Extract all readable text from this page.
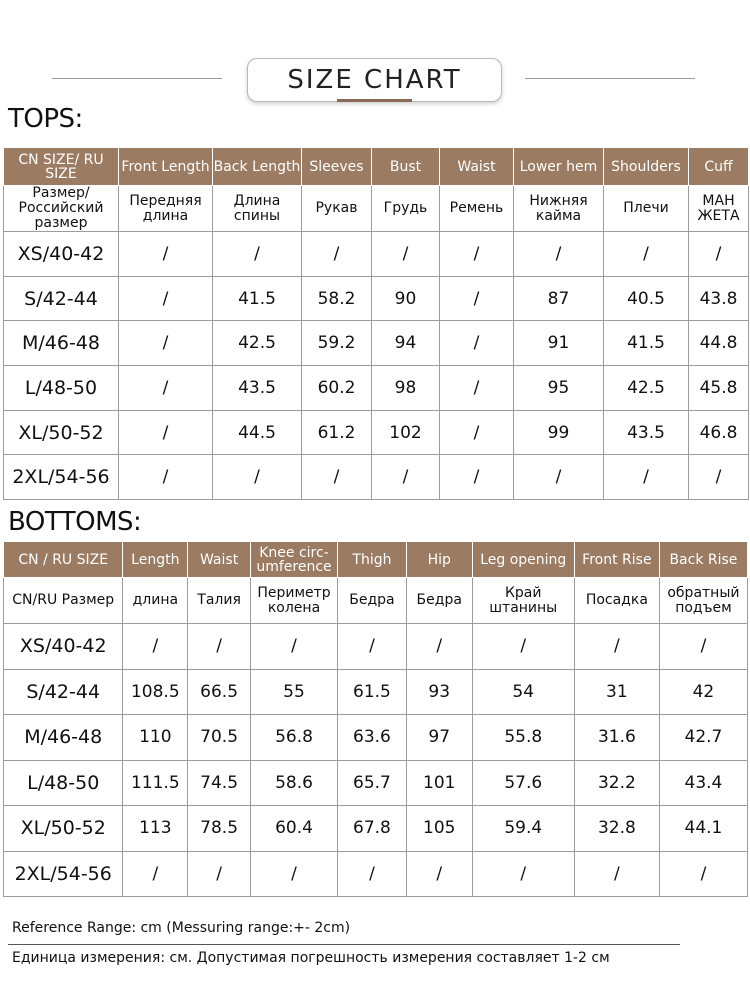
SIZE CHART
TOPS:
CN SIZE/ RU SIZE	Front Length	Back Length	Sleeves	Bust	Waist	Lower hem	Shoulders	Cuff
Размер/ Российский размер	Передняя длина	Длина спины	Рукав	Грудь	Ремень	Нижняя кайма	Плечи	МАН ЖЕТА
XS/40-42	/	/	/	/	/	/	/	/
S/42-44	/	41.5	58.2	90	/	87	40.5	43.8
M/46-48	/	42.5	59.2	94	/	91	41.5	44.8
L/48-50	/	43.5	60.2	98	/	95	42.5	45.8
XL/50-52	/	44.5	61.2	102	/	99	43.5	46.8
2XL/54-56	/	/	/	/	/	/	/	/
BOTTOMS:
CN / RU SIZE	Length	Waist	Knee circ- umference	Thigh	Hip	Leg opening	Front Rise	Back Rise
CN/RU Размер	длина	Талия	Периметр колена	Бедра	Бедра	Край штанины	Посадка	обратный подъем
XS/40-42	/	/	/	/	/	/	/	/
S/42-44	108.5	66.5	55	61.5	93	54	31	42
M/46-48	110	70.5	56.8	63.6	97	55.8	31.6	42.7
L/48-50	111.5	74.5	58.6	65.7	101	57.6	32.2	43.4
XL/50-52	113	78.5	60.4	67.8	105	59.4	32.8	44.1
2XL/54-56	/	/	/	/	/	/	/	/
Reference Range: cm (Messuring range:+- 2cm)
Единица измерения: см. Допустимая погрешность измерения составляет 1-2 см
